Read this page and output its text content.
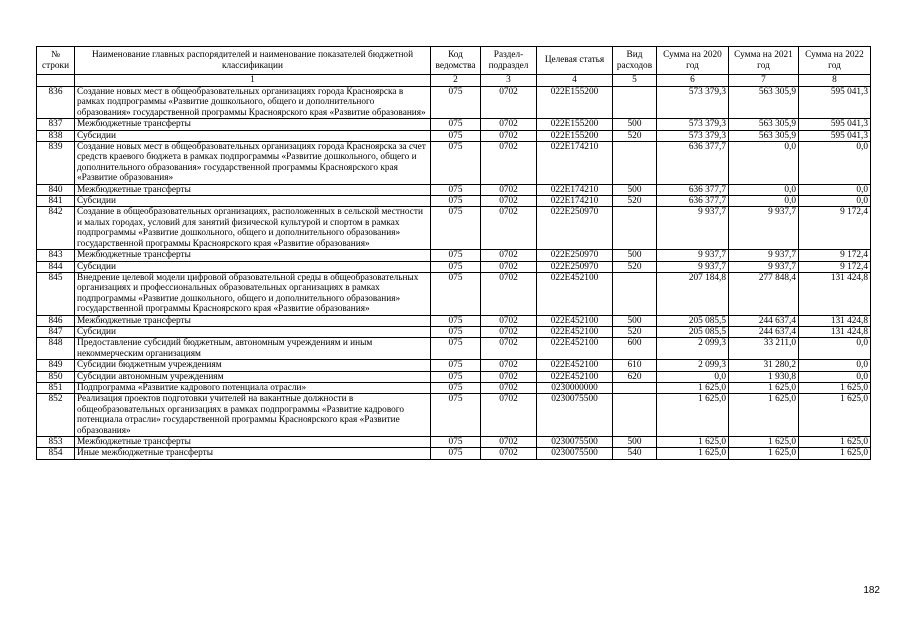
№ строки	Наименование главных распорядителей и наименование показателей бюджетной классификации	Код ведомства	Раздел-подраздел	Целевая статья	Вид расходов	Сумма на 2020 год	Сумма на 2021 год	Сумма на 2022 год
	1	2	3	4	5	6	7	8
836	Создание новых мест в общеобразовательных организациях города Красноярска в рамках подпрограммы «Развитие дошкольного, общего и дополнительного образования» государственной программы Красноярского края «Развитие образования»	075	0702	022E155200		573 379,3	563 305,9	595 041,3
837	Межбюджетные трансферты	075	0702	022E155200	500	573 379,3	563 305,9	595 041,3
838	Субсидии	075	0702	022E155200	520	573 379,3	563 305,9	595 041,3
839	Создание новых мест в общеобразовательных организациях города Красноярска за счет средств краевого бюджета в рамках подпрограммы «Развитие дошкольного, общего и дополнительного образования» государственной программы Красноярского края «Развитие образования»	075	0702	022E174210		636 377,7	0,0	0,0
840	Межбюджетные трансферты	075	0702	022E174210	500	636 377,7	0,0	0,0
841	Субсидии	075	0702	022E174210	520	636 377,7	0,0	0,0
842	Создание в общеобразовательных организациях, расположенных в сельской местности и малых городах, условий для занятий физической культурой и спортом в рамках подпрограммы «Развитие дошкольного, общего и дополнительного образования» государственной программы Красноярского края «Развитие образования»	075	0702	022E250970		9 937,7	9 937,7	9 172,4
843	Межбюджетные трансферты	075	0702	022E250970	500	9 937,7	9 937,7	9 172,4
844	Субсидии	075	0702	022E250970	520	9 937,7	9 937,7	9 172,4
845	Внедрение целевой модели цифровой образовательной среды в общеобразовательных организациях и профессиональных образовательных организациях в рамках подпрограммы «Развитие дошкольного, общего и дополнительного образования» государственной программы Красноярского края «Развитие образования»	075	0702	022E452100		207 184,8	277 848,4	131 424,8
846	Межбюджетные трансферты	075	0702	022E452100	500	205 085,5	244 637,4	131 424,8
847	Субсидии	075	0702	022E452100	520	205 085,5	244 637,4	131 424,8
848	Предоставление субсидий бюджетным, автономным учреждениям и иным некоммерческим организациям	075	0702	022E452100	600	2 099,3	33 211,0	0,0
849	Субсидии бюджетным учреждениям	075	0702	022E452100	610	2 099,3	31 280,2	0,0
850	Субсидии автономным учреждениям	075	0702	022E452100	620	0,0	1 930,8	0,0
851	Подпрограмма «Развитие кадрового потенциала отрасли»	075	0702	0230000000		1 625,0	1 625,0	1 625,0
852	Реализация проектов подготовки учителей на вакантные должности в общеобразовательных организациях в рамках подпрограммы «Развитие кадрового потенциала отрасли» государственной программы Красноярского края «Развитие образования»	075	0702	0230075500		1 625,0	1 625,0	1 625,0
853	Межбюджетные трансферты	075	0702	0230075500	500	1 625,0	1 625,0	1 625,0
854	Иные межбюджетные трансферты	075	0702	0230075500	540	1 625,0	1 625,0	1 625,0
182
